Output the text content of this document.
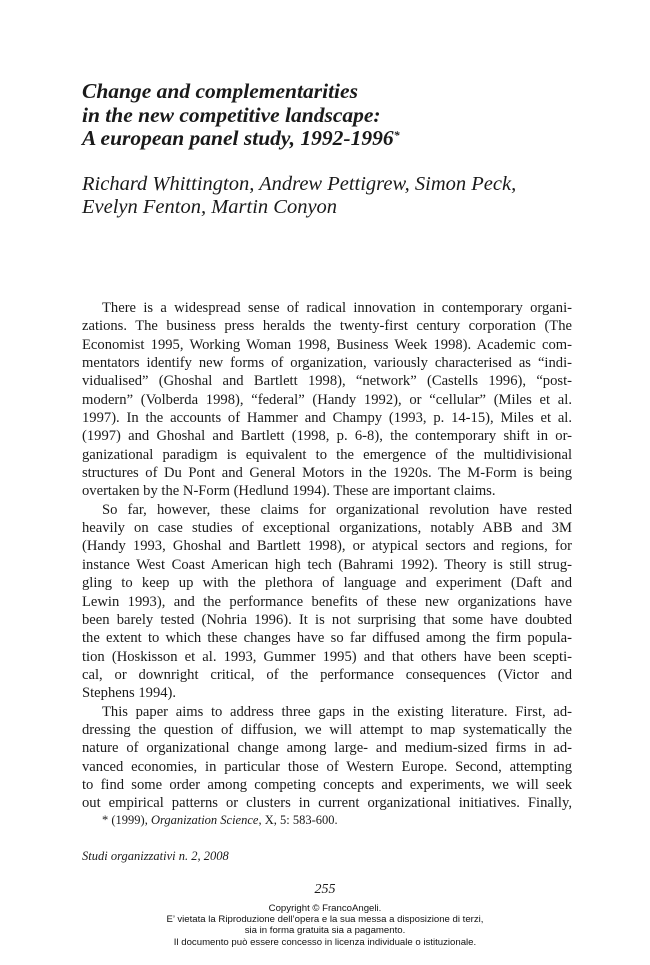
Change and complementarities
in the new competitive landscape:
A european panel study, 1992-1996*
Richard Whittington, Andrew Pettigrew, Simon Peck,
Evelyn Fenton, Martin Conyon
There is a widespread sense of radical innovation in contemporary organi-
zations. The business press heralds the twenty-first century corporation (The
Economist 1995, Working Woman 1998, Business Week 1998). Academic com-
mentators identify new forms of organization, variously characterised as “indi-
vidualised” (Ghoshal and Bartlett 1998), “network” (Castells 1996), “post-
modern” (Volberda 1998), “federal” (Handy 1992), or “cellular” (Miles et al.
1997). In the accounts of Hammer and Champy (1993, p. 14-15), Miles et al.
(1997) and Ghoshal and Bartlett (1998, p. 6-8), the contemporary shift in or-
ganizational paradigm is equivalent to the emergence of the multidivisional
structures of Du Pont and General Motors in the 1920s. The M-Form is being
overtaken by the N-Form (Hedlund 1994). These are important claims.
So far, however, these claims for organizational revolution have rested
heavily on case studies of exceptional organizations, notably ABB and 3M
(Handy 1993, Ghoshal and Bartlett 1998), or atypical sectors and regions, for
instance West Coast American high tech (Bahrami 1992). Theory is still strug-
gling to keep up with the plethora of language and experiment (Daft and
Lewin 1993), and the performance benefits of these new organizations have
been barely tested (Nohria 1996). It is not surprising that some have doubted
the extent to which these changes have so far diffused among the firm popula-
tion (Hoskisson et al. 1993, Gummer 1995) and that others have been scepti-
cal, or downright critical, of the performance consequences (Victor and
Stephens 1994).
This paper aims to address three gaps in the existing literature. First, ad-
dressing the question of diffusion, we will attempt to map systematically the
nature of organizational change among large- and medium-sized firms in ad-
vanced economies, in particular those of Western Europe. Second, attempting
to find some order among competing concepts and experiments, we will seek
out empirical patterns or clusters in current organizational initiatives. Finally,
* (1999), Organization Science, X, 5: 583-600.
Studi organizzativi n. 2, 2008
255
Copyright © FrancoAngeli.
E’ vietata la Riproduzione dell’opera e la sua messa a disposizione di terzi,
sia in forma gratuita sia a pagamento.
Il documento può essere concesso in licenza individuale o istituzionale.
